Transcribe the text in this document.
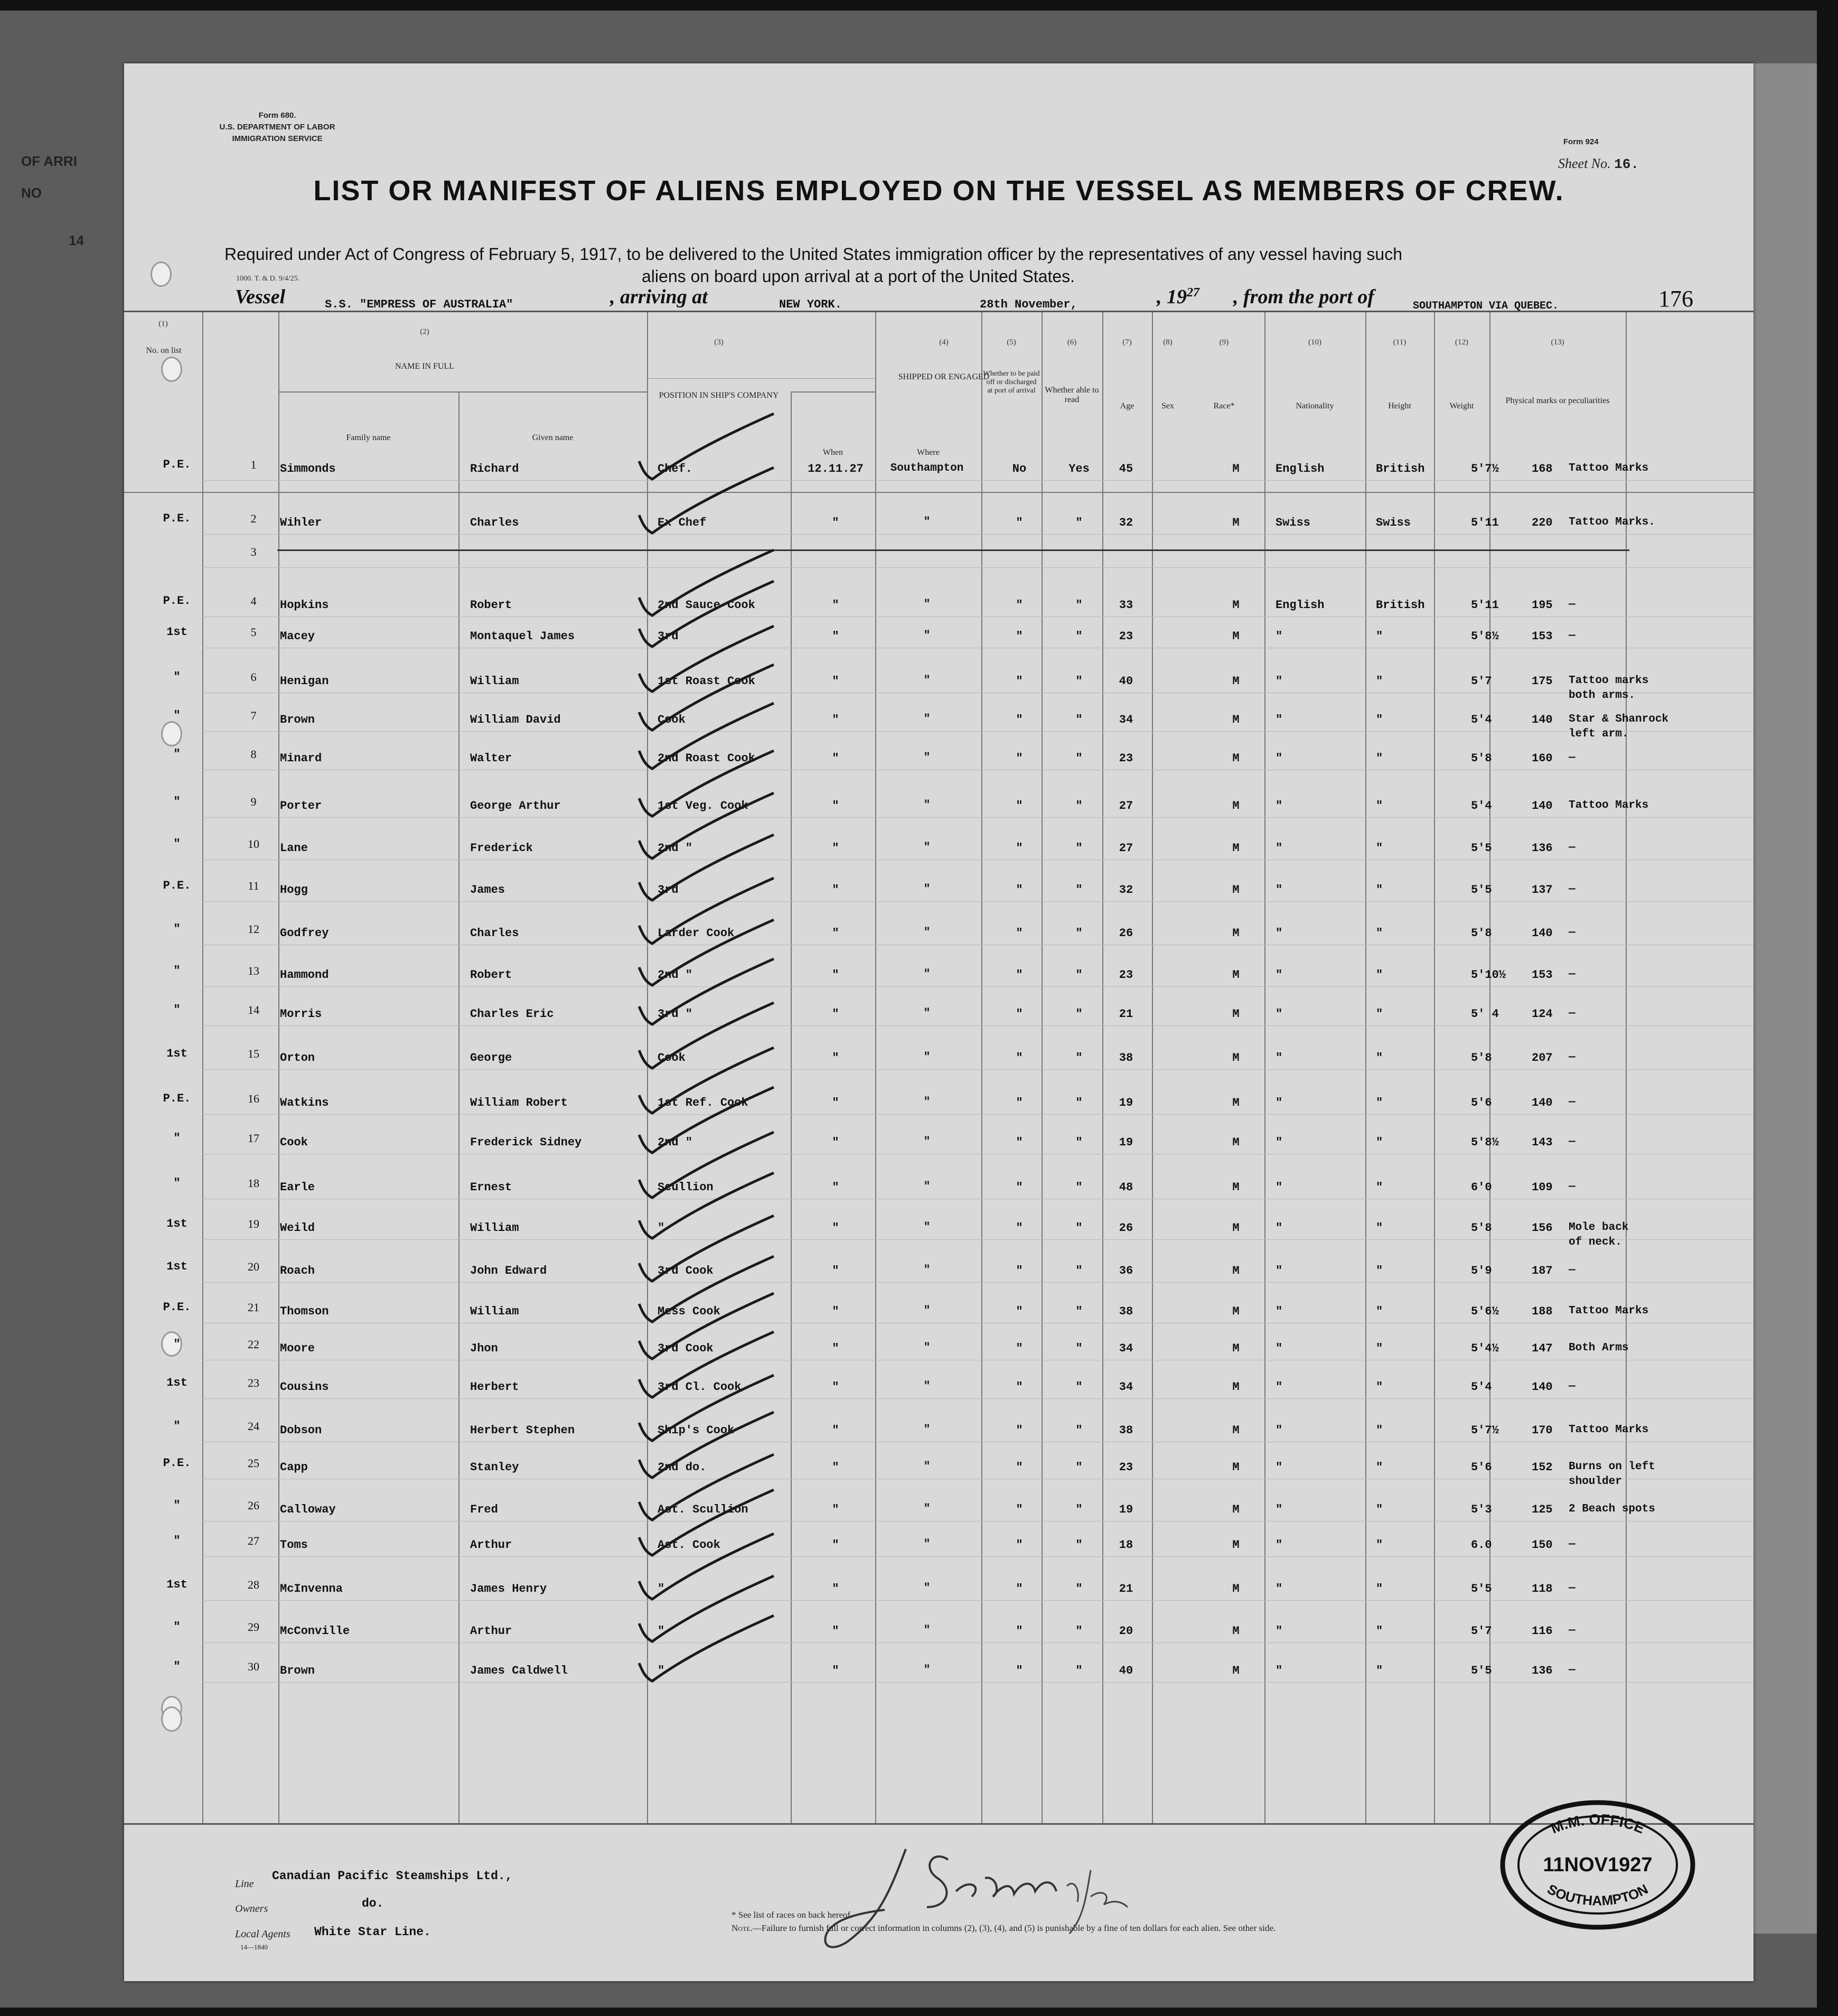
OF ARRI
NO
14
Form 680.
U.S. DEPARTMENT OF LABOR
IMMIGRATION SERVICE	Form 924
Sheet No. 16.
LIST OR MANIFEST OF ALIENS EMPLOYED ON THE VESSEL AS MEMBERS OF CREW.
Required under Act of Congress of February 5, 1917, to be delivered to the United States immigration officer by the representatives of any vessel having such
aliens on board upon arrival at a port of the United States.
1000. T. & D. 9/4/25.
176
Vessel	S.S. "EMPRESS OF AUSTRALIA"	, arriving at	NEW YORK.	28th November,	, $19^{27}$ , from the port of	SOUTHAMPTON VIA QUEBEC.
(1)
No. on list
(2)
NAME IN FULL
Family name	Given name
(3)
POSITION IN SHIP'S COMPANY
(4)
SHIPPED OR ENGAGED
When	Where
(5)
Whether to be paid off or discharged at port of arrival
(6)
Whether able to read
(7)
Age
(8)
Sex
(9)
Race*
(10)
Nationality
(11)
Height
(12)
Weight
(13)
Physical marks or peculiarities
P.E.	1	Simmonds	Richard	Chef.	12.11.27	Southampton	No	Yes	45	M	English	British	5'7½	168 Tattoo Marks
P.E.	2	Wihler	Charles	Ex Chef	"	"	"	"	32	M	Swiss	Swiss	5'11	220 Tattoo Marks.
3
P.E.	4	Hopkins	Robert	2nd Sauce Cook	"	"	"	"	33	M	English	British	5'11	195 —
1st	5	Macey	Montaquel James	3rd	"	"	"	"	23	M	"	"	5'8½	153 —
"	6	Henigan	William	1st Roast Cook	"	"	"	"	40	M	"	"	5'7	175 Tattoo marks
both arms.
"	7	Brown	William David	Cook	"	"	"	"	34	M	"	"	5'4	140 Star & Shanrock
left arm.
"	8	Minard	Walter	2nd Roast Cook	"	"	"	"	23	M	"	"	5'8	160 —
"	9	Porter	George Arthur	1st Veg. Cook	"	"	"	"	27	M	"	"	5'4	140 Tattoo Marks
"	10	Lane	Frederick	2nd "	"	"	"	"	27	M	"	"	5'5	136 —
P.E.	11	Hogg	James	3rd	"	"	"	"	32	M	"	"	5'5	137 —
"	12	Godfrey	Charles	Larder Cook	"	"	"	"	26	M	"	"	5'8	140 —
"	13	Hammond	Robert	2nd "	"	"	"	"	23	M	"	"	5'10½ 153 —
"	14	Morris	Charles Eric	3rd "	"	"	"	"	21	M	"	"	5' 4	124 —
1st	15	Orton	George	Cook	"	"	"	"	38	M	"	"	5'8	207 —
P.E.	16	Watkins	William Robert	1st Ref. Cook	"	"	"	"	19	M	"	"	5'6	140 —
"	17	Cook	Frederick Sidney	2nd "	"	"	"	"	19	M	"	"	5'8½	143 —
"	18	Earle	Ernest	Scullion	"	"	"	"	48	M	"	"	6'0	109 —
1st	19	Weild	William	"	"	"	"	"	26	M	"	"	5'8	156 Mole back
of neck.
1st	20	Roach	John Edward	3rd Cook	"	"	"	"	36	M	"	"	5'9	187 —
P.E.	21	Thomson	William	Mess Cook	"	"	"	"	38	M	"	"	5'6½	188 Tattoo Marks
"	22	Moore	Jhon	3rd Cook	"	"	"	"	34	M	"	"	5'4½	147 Both Arms
1st	23	Cousins	Herbert	3rd Cl. Cook	"	"	"	"	34	M	"	"	5'4	140 —
"	24	Dobson	Herbert Stephen	Ship's Cook	"	"	"	"	38	M	"	"	5'7½	170 Tattoo Marks
P.E.	25	Capp	Stanley	2nd do.	"	"	"	"	23	M	"	"	5'6	152 Burns on left
shoulder
"	26	Calloway	Fred	Ast. Scullion	"	"	"	"	19	M	"	"	5'3	125 2 Beach spots
"	27	Toms	Arthur	Ast. Cook	"	"	"	"	18	M	"	"	6.0	150 —
1st	28	McInvenna	James Henry	"	"	"	"	"	21	M	"	"	5'5	118 —
"	29	McConville	Arthur	"	"	"	"	"	20	M	"	"	5'7	116 —
"	30	Brown	James Caldwell	"	"	"	"	"	40	M	"	"	5'5	136 —
Line
Canadian Pacific Steamships Ltd.,
Owners	do.
Local Agents White Star Line.
14—1840
* See list of races on back hereof.
Note.—Failure to furnish full or correct information in columns (2), (3), (4), and (5) is punishable by a fine of ten dollars for each alien. See other side.
M.M. OFFICE
11NOV1927
SOUTHAMPTON
